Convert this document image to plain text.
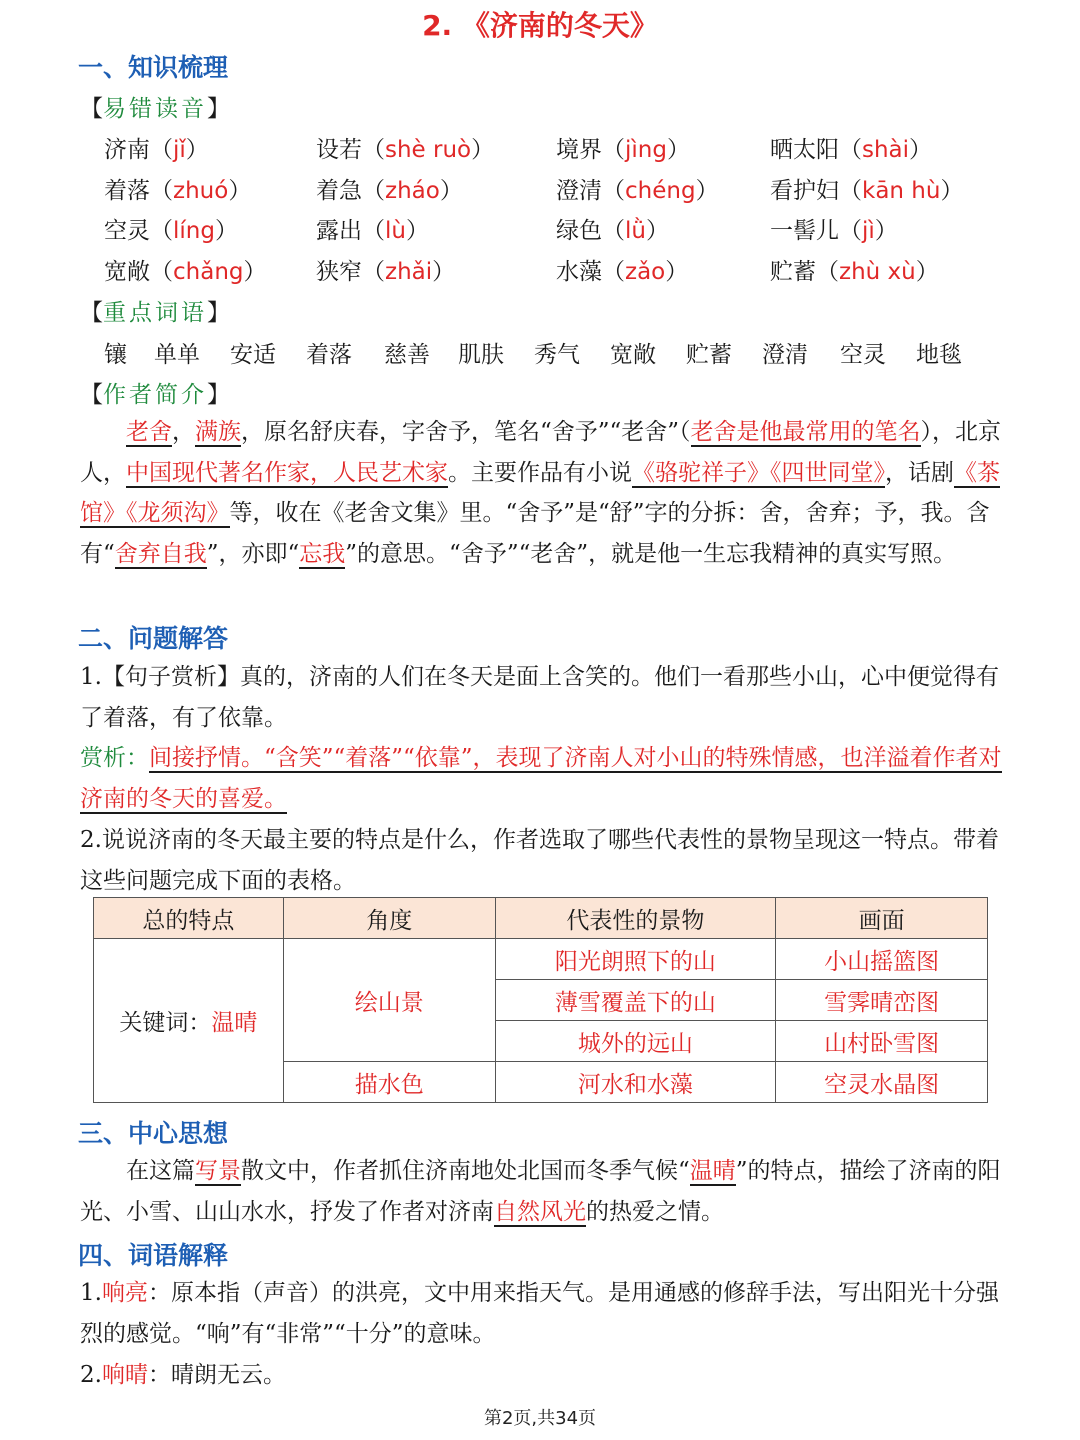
2. 《济南的冬天》
一、知识梳理
【易错读音】
济南（jǐ）	设若（shè ruò）	境界（jìng）	晒太阳（shài）
着落（zhuó）	着急（zháo）	澄清（chéng） 看护妇（kān hù）
空灵（líng）	露出（lù）	绿色（lǜ）	一髻儿（jì）
宽敞（chǎng） 狭窄（zhǎi）	水藻（zǎo）	贮蓄（zhù xù）
【重点词语】
镶 单单 安适 着落 慈善 肌肤 秀气 宽敞 贮蓄 澄清 空灵 地毯
【作者简介】
老舍，满族，原名舒庆春，字舍予，笔名“舍予”“老舍”（老舍是他最常用的笔名），北京人，中国现代著名作家，人民艺术家。主要作品有小说《骆驼祥子》《四世同堂》，话剧《茶馆》《龙须沟》等，收在《老舍文集》里。“舍予”是“舒”字的分拆：舍，舍弃；予，我。含有“舍弃自我”，亦即“忘我”的意思。“舍予”“老舍”，就是他一生忘我精神的真实写照。
二、问题解答
1.【句子赏析】真的，济南的人们在冬天是面上含笑的。他们一看那些小山，心中便觉得有了着落，有了依靠。
赏析：间接抒情。“含笑”“着落”“依靠”，表现了济南人对小山的特殊情感，也洋溢着作者对济南的冬天的喜爱。
2.说说济南的冬天最主要的特点是什么，作者选取了哪些代表性的景物呈现这一特点。带着这些问题完成下面的表格。
总的特点	角度	代表性的景物	画面
关键词：温晴	绘山景	阳光朗照下的山	小山摇篮图
		薄雪覆盖下的山	雪霁晴峦图
		城外的远山	山村卧雪图
	描水色	河水和水藻	空灵水晶图
三、中心思想
在这篇写景散文中，作者抓住济南地处北国而冬季气候“温晴”的特点，描绘了济南的阳光、小雪、山山水水，抒发了作者对济南自然风光的热爱之情。
四、词语解释
1.响亮：原本指（声音）的洪亮，文中用来指天气。是用通感的修辞手法，写出阳光十分强烈的感觉。“响”有“非常”“十分”的意味。
2.响晴：晴朗无云。
第2页,共34页
